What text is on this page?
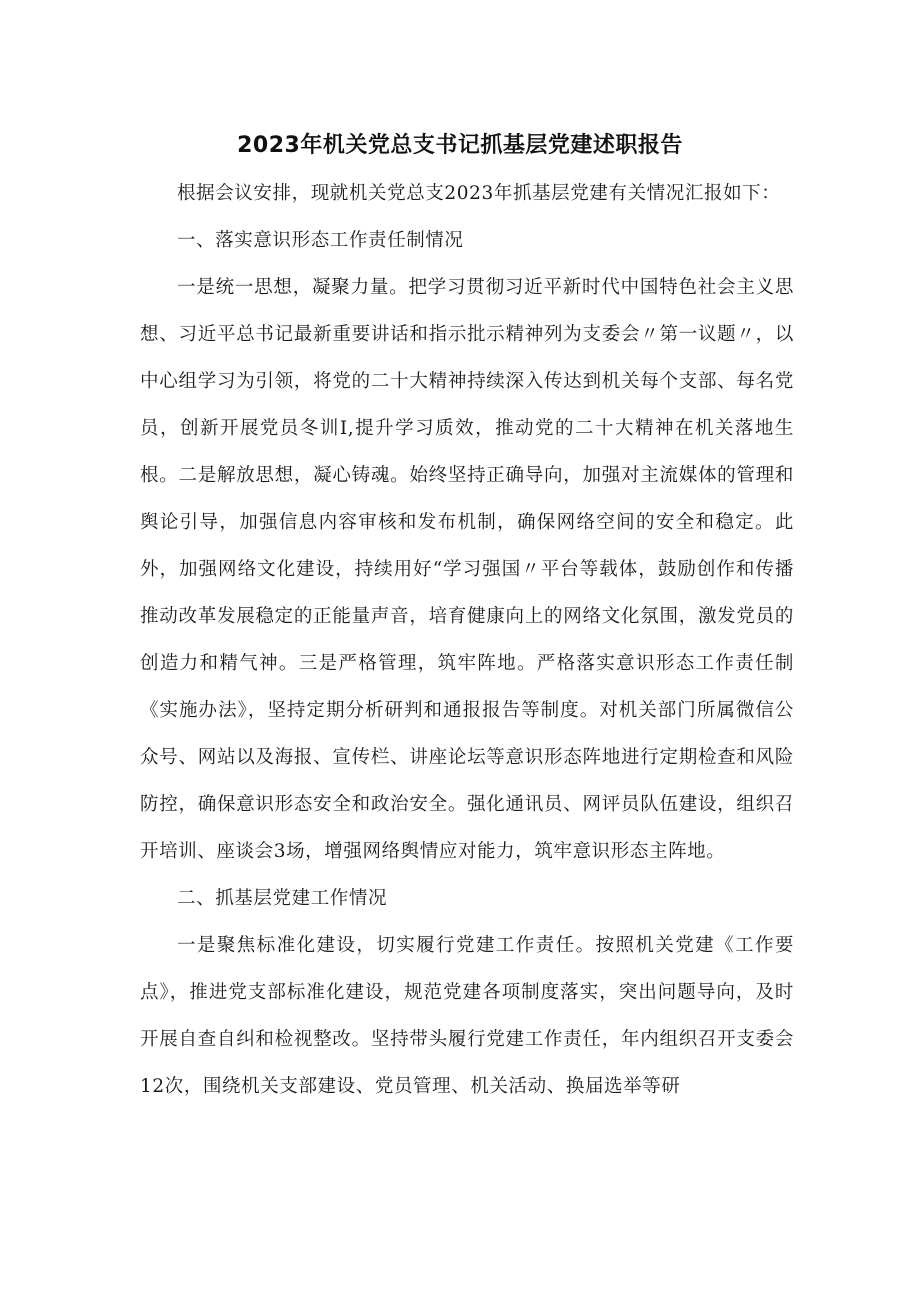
2023年机关党总支书记抓基层党建述职报告

根据会议安排，现就机关党总支2023年抓基层党建有关情况汇报如下：

一、落实意识形态工作责任制情况

一是统一思想，凝聚力量。把学习贯彻习近平新时代中国特色社会主义思想、习近平总书记最新重要讲话和指示批示精神列为支委会〃第一议题〃，以中心组学习为引领，将党的二十大精神持续深入传达到机关每个支部、每名党员，创新开展党员冬训I,提升学习质效，推动党的二十大精神在机关落地生根。二是解放思想，凝心铸魂。始终坚持正确导向，加强对主流媒体的管理和舆论引导，加强信息内容审核和发布机制，确保网络空间的安全和稳定。此外，加强网络文化建设，持续用好“学习强国〃平台等载体，鼓励创作和传播推动改革发展稳定的正能量声音，培育健康向上的网络文化氛围，激发党员的创造力和精气神。三是严格管理，筑牢阵地。严格落实意识形态工作责任制《实施办法》，坚持定期分析研判和通报报告等制度。对机关部门所属微信公众号、网站以及海报、宣传栏、讲座论坛等意识形态阵地进行定期检查和风险防控，确保意识形态安全和政治安全。强化通讯员、网评员队伍建设，组织召开培训、座谈会3场，增强网络舆情应对能力，筑牢意识形态主阵地。

二、抓基层党建工作情况

一是聚焦标准化建设，切实履行党建工作责任。按照机关党建《工作要点》，推进党支部标准化建设，规范党建各项制度落实，突出问题导向，及时开展自查自纠和检视整改。坚持带头履行党建工作责任，年内组织召开支委会12次，围绕机关支部建设、党员管理、机关活动、换届选举等研
